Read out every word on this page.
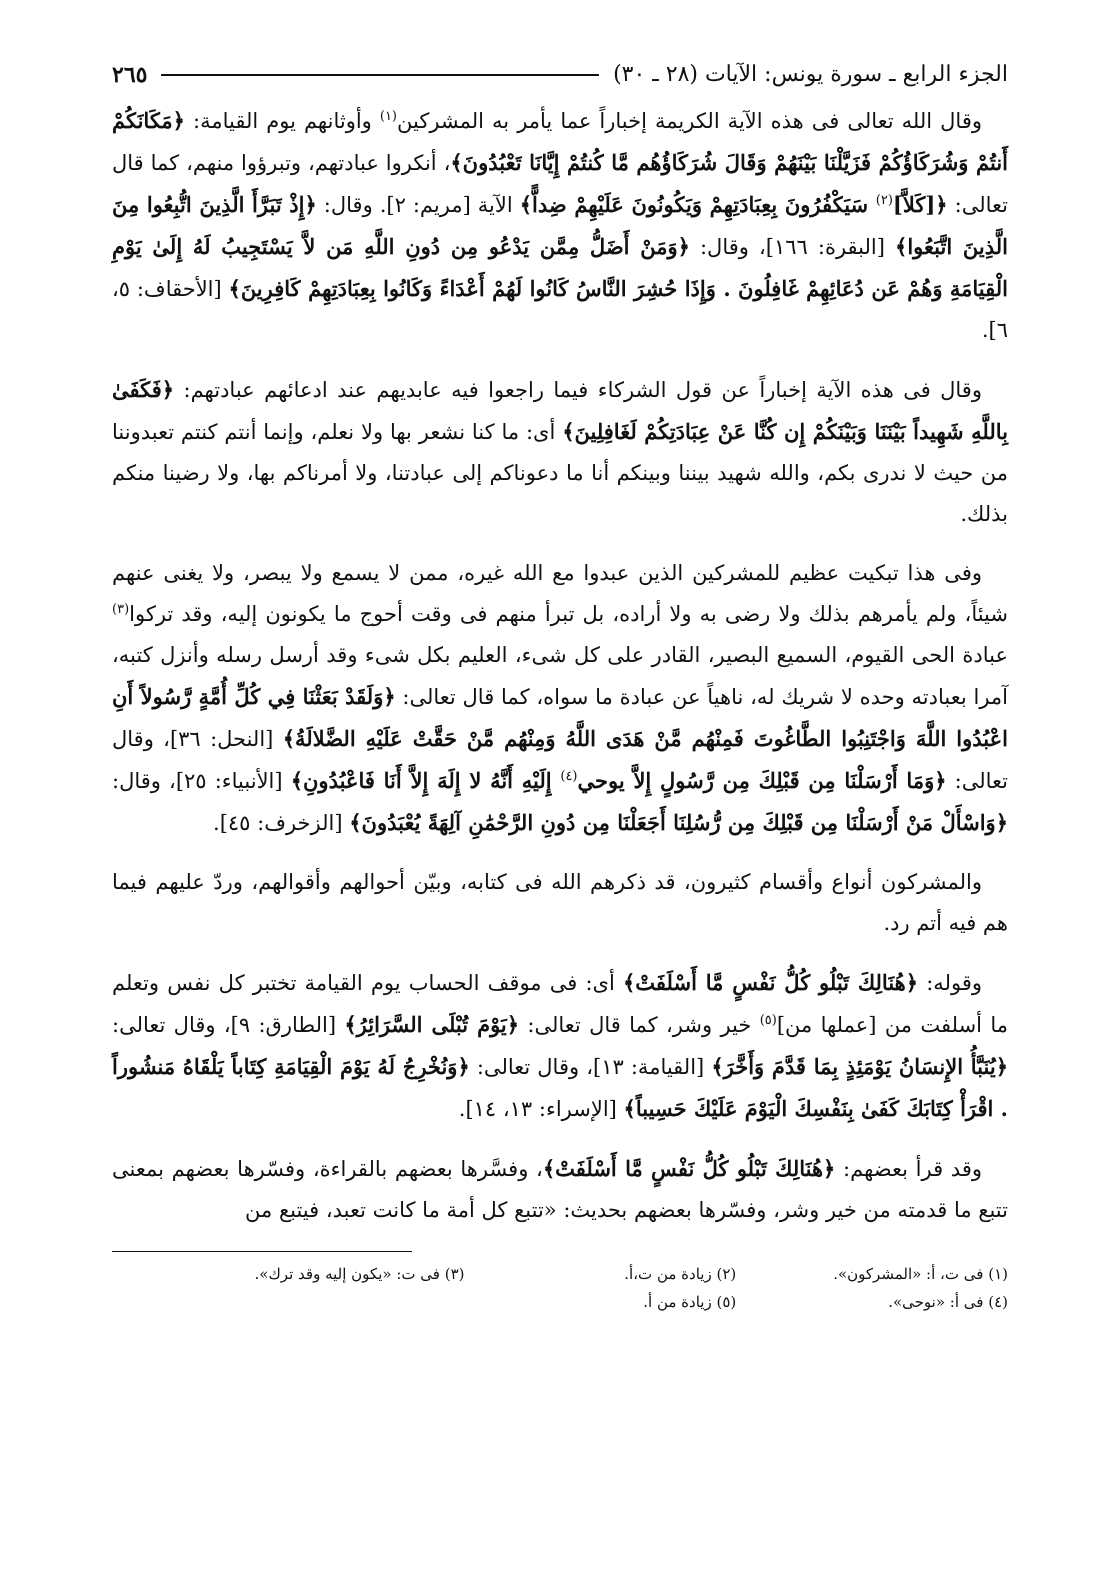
الجزء الرابع ـ سورة يونس: الآيات (٢٨ ـ ٣٠)
٢٦٥

وقال الله تعالى فى هذه الآية الكريمة إخباراً عما يأمر به المشركين$^{(١)}$ وأوثانهم يوم القيامة: ﴿مَكَانَكُمْ أَنتُمْ وَشُرَكَاؤُكُمْ فَزَيَّلْنَا بَيْنَهُمْ وَقَالَ شُرَكَاؤُهُم مَّا كُنتُمْ إِيَّانَا تَعْبُدُونَ﴾، أنكروا عبادتهم، وتبرؤوا منهم، كما قال تعالى: ﴿[كَلاَّ]$^{(٢)}$ سَيَكْفُرُونَ بِعِبَادَتِهِمْ وَيَكُونُونَ عَلَيْهِمْ ضِداًّ﴾ الآية [مريم: ٢]. وقال: ﴿إِذْ تَبَرَّأَ الَّذِينَ اتُّبِعُوا مِنَ الَّذِينَ اتَّبَعُوا﴾ [البقرة: ١٦٦]، وقال: ﴿وَمَنْ أَضَلُّ مِمَّن يَدْعُو مِن دُونِ اللَّهِ مَن لاَّ يَسْتَجِيبُ لَهُ إِلَىٰ يَوْمِ الْقِيَامَةِ وَهُمْ عَن دُعَائِهِمْ غَافِلُونَ . وَإِذَا حُشِرَ النَّاسُ كَانُوا لَهُمْ أَعْدَاءً وَكَانُوا بِعِبَادَتِهِمْ كَافِرِينَ﴾ [الأحقاف: ٥، ٦].

وقال فى هذه الآية إخباراً عن قول الشركاء فيما راجعوا فيه عابديهم عند ادعائهم عبادتهم: ﴿فَكَفَىٰ بِاللَّهِ شَهِيداً بَيْنَنَا وَبَيْنَكُمْ إِن كُنَّا عَنْ عِبَادَتِكُمْ لَغَافِلِينَ﴾ أى: ما كنا نشعر بها ولا نعلم، وإنما أنتم كنتم تعبدوننا من حيث لا ندرى بكم، والله شهيد بيننا وبينكم أنا ما دعوناكم إلى عبادتنا، ولا أمرناكم بها، ولا رضينا منكم بذلك.

وفى هذا تبكيت عظيم للمشركين الذين عبدوا مع الله غيره، ممن لا يسمع ولا يبصر، ولا يغنى عنهم شيئاً، ولم يأمرهم بذلك ولا رضى به ولا أراده، بل تبرأ منهم فى وقت أحوج ما يكونون إليه، وقد تركوا$^{(٣)}$ عبادة الحى القيوم، السميع البصير، القادر على كل شىء، العليم بكل شىء وقد أرسل رسله وأنزل كتبه، آمرا بعبادته وحده لا شريك له، ناهياً عن عبادة ما سواه، كما قال تعالى: ﴿وَلَقَدْ بَعَثْنَا فِي كُلِّ أُمَّةٍ رَّسُولاً أَنِ اعْبُدُوا اللَّهَ وَاجْتَنِبُوا الطَّاغُوتَ فَمِنْهُم مَّنْ هَدَى اللَّهُ وَمِنْهُم مَّنْ حَقَّتْ عَلَيْهِ الضَّلالَةُ﴾ [النحل: ٣٦]، وقال تعالى: ﴿وَمَا أَرْسَلْنَا مِن قَبْلِكَ مِن رَّسُولٍ إِلاَّ يوحي$^{(٤)}$ إِلَيْهِ أَنَّهُ لا إِلَهَ إِلاَّ أَنَا فَاعْبُدُونِ﴾ [الأنبياء: ٢٥]، وقال: ﴿وَاسْأَلْ مَنْ أَرْسَلْنَا مِن قَبْلِكَ مِن رُّسُلِنَا أَجَعَلْنَا مِن دُونِ الرَّحْمَٰنِ آلِهَةً يُعْبَدُونَ﴾ [الزخرف: ٤٥].

والمشركون أنواع وأقسام كثيرون، قد ذكرهم الله فى كتابه، وبيّن أحوالهم وأقوالهم، وردّ عليهم فيما هم فيه أتم رد.

وقوله: ﴿هُنَالِكَ تَبْلُو كُلُّ نَفْسٍ مَّا أَسْلَفَتْ﴾ أى: فى موقف الحساب يوم القيامة تختبر كل نفس وتعلم ما أسلفت من [عملها من]$^{(٥)}$ خير وشر، كما قال تعالى: ﴿يَوْمَ تُبْلَى السَّرَائِرُ﴾ [الطارق: ٩]، وقال تعالى: ﴿يُنَبَّأُ الإِنسَانُ يَوْمَئِذٍ بِمَا قَدَّمَ وَأَخَّرَ﴾ [القيامة: ١٣]، وقال تعالى: ﴿وَنُخْرِجُ لَهُ يَوْمَ الْقِيَامَةِ كِتَاباً يَلْقَاهُ مَنشُوراً . اقْرَأْ كِتَابَكَ كَفَىٰ بِنَفْسِكَ الْيَوْمَ عَلَيْكَ حَسِيباً﴾ [الإسراء: ١٣، ١٤].

وقد قرأ بعضهم: ﴿هُنَالِكَ تَبْلُو كُلُّ نَفْسٍ مَّا أَسْلَفَتْ﴾، وفسَّرها بعضهم بالقراءة، وفسّرها بعضهم بمعنى تتبع ما قدمته من خير وشر، وفسّرها بعضهم بحديث: «تتبع كل أمة ما كانت تعبد، فيتبع من

(١) فى ت، أ: «المشركون».
(٢) زيادة من ت،أ.
(٣) فى ت: «يكون إليه وقد ترك».
(٤) فى أ: «نوحى».
(٥) زيادة من أ.
